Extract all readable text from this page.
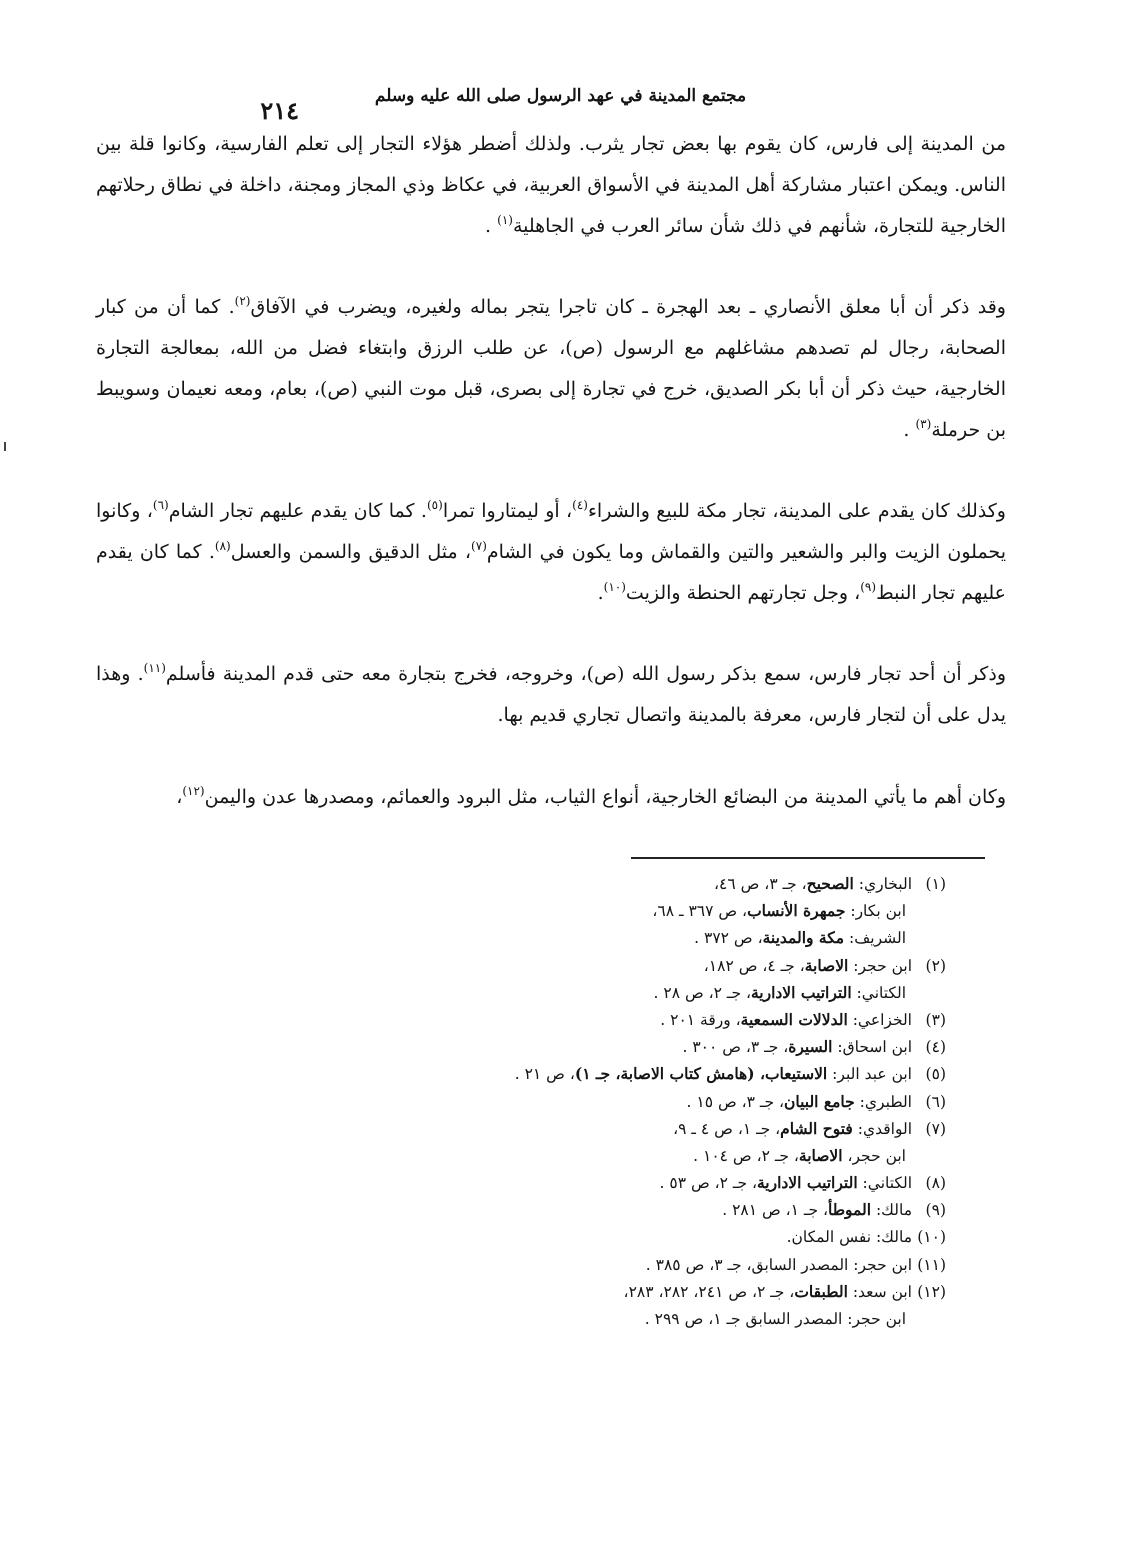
مجتمع المدينة في عهد الرسول صلى الله عليه وسلم
٢١٤

من المدينة إلى فارس، كان يقوم بها بعض تجار يثرب. ولذلك أضطر هؤلاء التجار إلى تعلم الفارسية، وكانوا قلة بين الناس. ويمكن اعتبار مشاركة أهل المدينة في الأسواق العربية، في عكاظ وذي المجاز ومجنة، داخلة في نطاق رحلاتهم الخارجية للتجارة، شأنهم في ذلك شأن سائر العرب في الجاهلية$^{(١)}$ .

وقد ذكر أن أبا معلق الأنصاري ـ بعد الهجرة ـ كان تاجرا يتجر بماله ولغيره، ويضرب في الآفاق$^{(٢)}$. كما أن من كبار الصحابة، رجال لم تصدهم مشاغلهم مع الرسول (ص)، عن طلب الرزق وابتغاء فضل من الله، بمعالجة التجارة الخارجية، حيث ذكر أن أبا بكر الصديق، خرج في تجارة إلى بصرى، قبل موت النبي (ص)، بعام، ومعه نعيمان وسويبط بن حرملة$^{(٣)}$ .

وكذلك كان يقدم على المدينة، تجار مكة للبيع والشراء$^{(٤)}$، أو ليمتاروا تمرا$^{(٥)}$. كما كان يقدم عليهم تجار الشام$^{(٦)}$، وكانوا يحملون الزيت والبر والشعير والتين والقماش وما يكون في الشام$^{(٧)}$، مثل الدقيق والسمن والعسل$^{(٨)}$. كما كان يقدم عليهم تجار النبط$^{(٩)}$، وجل تجارتهم الحنطة والزيت$^{(١٠)}$.

وذكر أن أحد تجار فارس، سمع بذكر رسول الله (ص)، وخروجه، فخرج بتجارة معه حتى قدم المدينة فأسلم$^{(١١)}$. وهذا يدل على أن لتجار فارس، معرفة بالمدينة واتصال تجاري قديم بها.

وكان أهم ما يأتي المدينة من البضائع الخارجية، أنواع الثياب، مثل البرود والعمائم، ومصدرها عدن واليمن$^{(١٢)}$،

( ١ )البخاري: الصحيح، جـ ٣، ص ٤٦،
ابن بكار: جمهرة الأنساب، ص ٣٦٧ ـ ٦٨،
الشريف: مكة والمدينة، ص ٣٧٢ .
( ٢ )ابن حجر: الاصابة، جـ ٤، ص ١٨٢،
الكتاني: التراتيب الادارية، جـ ٢، ص ٢٨ .
( ٣ )الخزاعي: الدلالات السمعية، ورقة ٢٠١ .
( ٤ )ابن اسحاق: السيرة، جـ ٣، ص ٣٠٠ .
( ٥ )ابن عبد البر: الاستيعاب، (هامش كتاب الاصابة، جـ ١)، ص ٢١ .
( ٦ )الطبري: جامع البيان، جـ ٣، ص ١٥ .
( ٧ )الواقدي: فتوح الشام، جـ ١، ص ٤ ـ ٩،
ابن حجر، الاصابة، جـ ٢، ص ١٠٤ .
( ٨ )الكتاني: التراتيب الادارية، جـ ٢، ص ٥٣ .
( ٩ )مالك: الموطأ، جـ ١، ص ٢٨١ .
( ١٠ )مالك: نفس المكان.
( ١١ )ابن حجر: المصدر السابق، جـ ٣، ص ٣٨٥ .
( ١٢ )ابن سعد: الطبقات، جـ ٢، ص ٢٤١، ٢٨٢، ٢٨٣،
ابن حجر: المصدر السابق جـ ١، ص ٢٩٩ .
